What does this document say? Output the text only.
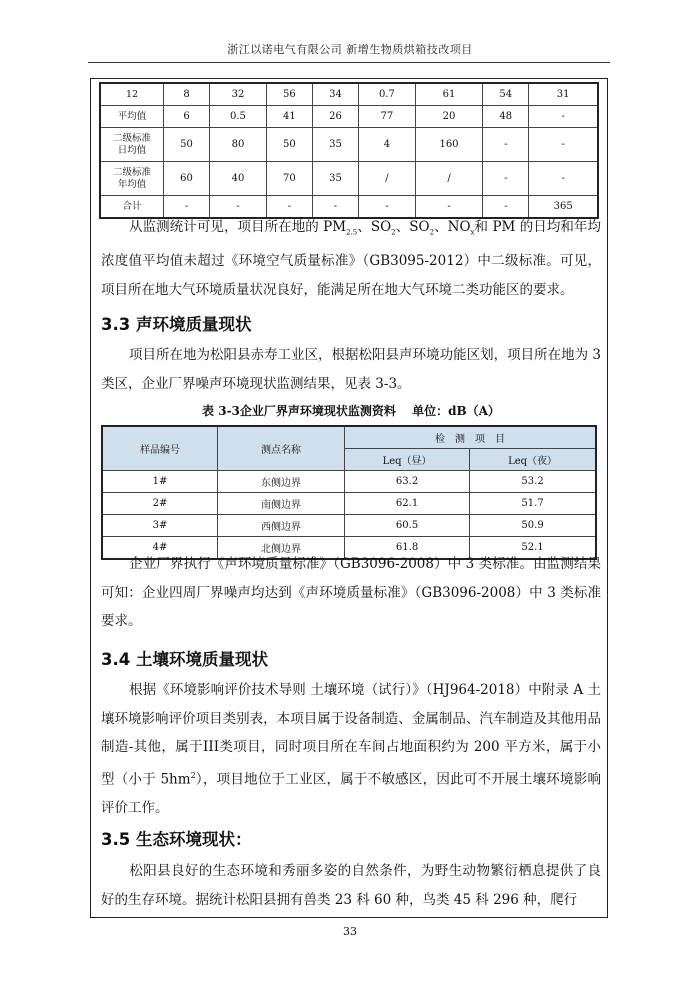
浙江以诺电气有限公司 新增生物质烘箱技改项目
12	8	32	56	34	0.7	61	54	31
平均值	6	0.5	41	26	77	20	48	-

二级标准
日均值	50	80	50	35	4	160	-	-

二级标准
年均值	60	40	70	35	/	/	-	-
合计	-	-	-	-	-	-	-	365
从监测统计可见，项目所在地的 $PM_{2.5}$、$SO_2$、$SO_2$、$NO_x$和 PM 的日均和年均浓度值平均值未超过《环境空气质量标准》（GB3095-2012）中二级标准。可见，项目所在地大气环境质量状况良好，能满足所在地大气环境二类功能区的要求。
3.3 声环境质量现状
项目所在地为松阳县赤寿工业区，根据松阳县声环境功能区划，项目所在地为 3 类区，企业厂界噪声环境现状监测结果，见表 3-3。
表 3-3企业厂界声环境现状监测资料　 单位：dB（A）
样品编号	测点名称	检　测　项　目	
		Leq（昼）	Leq（夜）
1#	东侧边界	63.2	53.2
2#	南侧边界	62.1	51.7
3#	西侧边界	60.5	50.9
4#	北侧边界	61.8	52.1
企业厂界执行《声环境质量标准》（GB3096-2008）中 3 类标准。由监测结果可知：企业四周厂界噪声均达到《声环境质量标准》（GB3096-2008）中 3 类标准要求。
3.4 土壤环境质量现状
根据《环境影响评价技术导则 土壤环境（试行）》（HJ964-2018）中附录 A 土壤环境影响评价项目类别表，本项目属于设备制造、金属制品、汽车制造及其他用品制造-其他，属于III类项目，同时项目所在车间占地面积约为 200 平方米，属于小型（小于 $5hm^2$），项目地位于工业区，属于不敏感区，因此可不开展土壤环境影响评价工作。
3.5 生态环境现状：
松阳县良好的生态环境和秀丽多姿的自然条件，为野生动物繁衍栖息提供了良好的生存环境。据统计松阳县拥有兽类 23 科 60 种，鸟类 45 科 296 种，爬行
33
